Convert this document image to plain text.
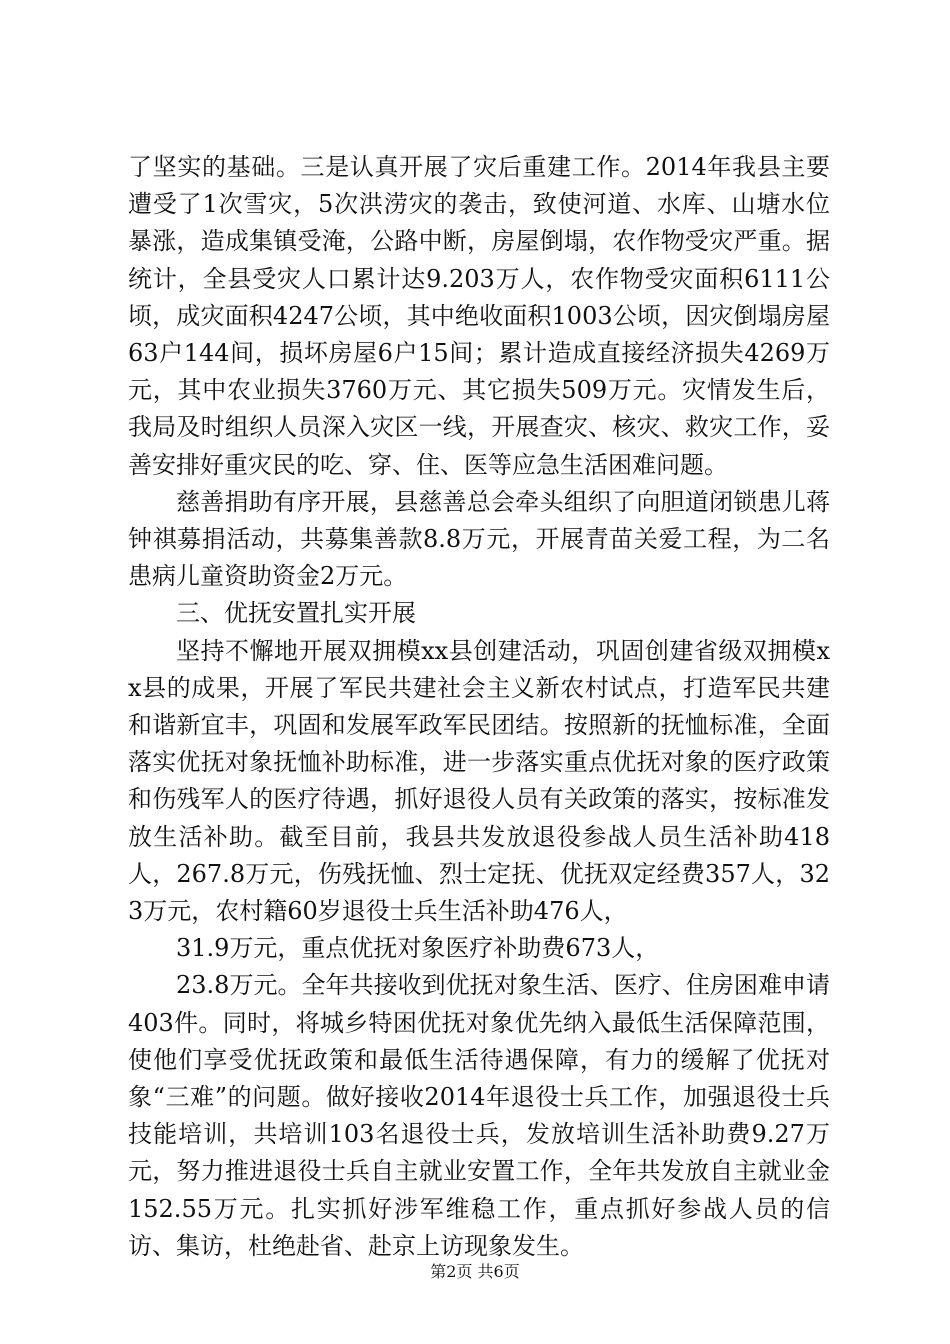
了坚实的基础。三是认真开展了灾后重建工作。2014年我县主要遭受了1次雪灾，5次洪涝灾的袭击，致使河道、水库、山塘水位暴涨，造成集镇受淹，公路中断，房屋倒塌，农作物受灾严重。据统计，全县受灾人口累计达9.203万人，农作物受灾面积6111公顷，成灾面积4247公顷，其中绝收面积1003公顷，因灾倒塌房屋63户144间，损坏房屋6户15间；累计造成直接经济损失4269万元，其中农业损失3760万元、其它损失509万元。灾情发生后，我局及时组织人员深入灾区一线，开展查灾、核灾、救灾工作，妥善安排好重灾民的吃、穿、住、医等应急生活困难问题。

慈善捐助有序开展，县慈善总会牵头组织了向胆道闭锁患儿蒋钟祺募捐活动，共募集善款8.8万元，开展青苗关爱工程，为二名患病儿童资助资金2万元。

三、优抚安置扎实开展

坚持不懈地开展双拥模xx县创建活动，巩固创建省级双拥模xx县的成果，开展了军民共建社会主义新农村试点，打造军民共建和谐新宜丰，巩固和发展军政军民团结。按照新的抚恤标准，全面落实优抚对象抚恤补助标准，进一步落实重点优抚对象的医疗政策和伤残军人的医疗待遇，抓好退役人员有关政策的落实，按标准发放生活补助。截至目前，我县共发放退役参战人员生活补助418人，267.8万元，伤残抚恤、烈士定抚、优抚双定经费357人，323万元，农村籍60岁退役士兵生活补助476人，

31.9万元，重点优抚对象医疗补助费673人，

23.8万元。全年共接收到优抚对象生活、医疗、住房困难申请403件。同时，将城乡特困优抚对象优先纳入最低生活保障范围，使他们享受优抚政策和最低生活待遇保障，有力的缓解了优抚对象“三难”的问题。做好接收2014年退役士兵工作，加强退役士兵技能培训，共培训103名退役士兵，发放培训生活补助费9.27万元，努力推进退役士兵自主就业安置工作，全年共发放自主就业金152.55万元。扎实抓好涉军维稳工作，重点抓好参战人员的信访、集访，杜绝赴省、赴京上访现象发生。

第2页 共6页
